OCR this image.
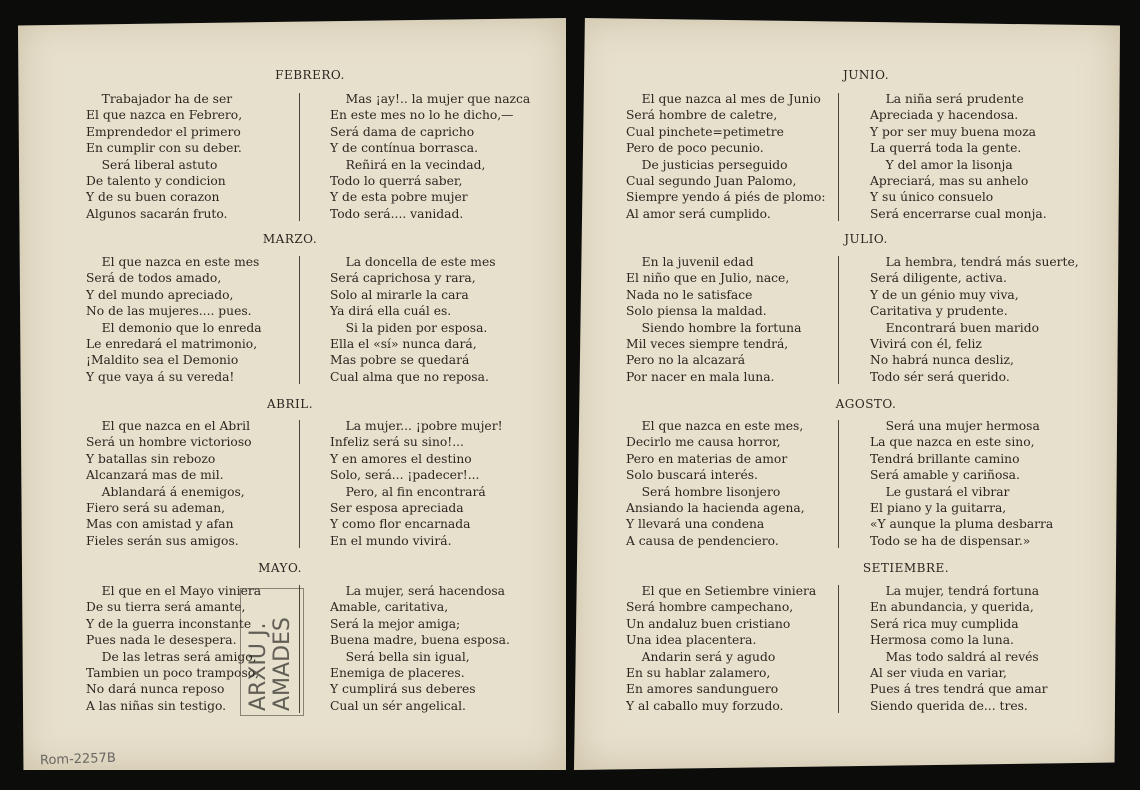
FEBRERO.
Trabajador ha de ser
El que nazca en Febrero,
Emprendedor el primero
En cumplir con su deber.
Será liberal astuto
De talento y condicion
Y de su buen corazon
Algunos sacarán fruto.
Mas ¡ay!.. la mujer que nazca
En este mes no lo he dicho,—
Será dama de capricho
Y de contínua borrasca.
Reñirá en la vecindad,
Todo lo querrá saber,
Y de esta pobre mujer
Todo será.... vanidad.
MARZO.
El que nazca en este mes
Será de todos amado,
Y del mundo apreciado,
No de las mujeres.... pues.
El demonio que lo enreda
Le enredará el matrimonio,
¡Maldito sea el Demonio
Y que vaya á su vereda!
La doncella de este mes
Será caprichosa y rara,
Solo al mirarle la cara
Ya dirá ella cuál es.
Si la piden por esposa.
Ella el «sí» nunca dará,
Mas pobre se quedará
Cual alma que no reposa.
ABRIL.
El que nazca en el Abril
Será un hombre victorioso
Y batallas sin rebozo
Alcanzará mas de mil.
Ablandará á enemigos,
Fiero será su ademan,
Mas con amistad y afan
Fieles serán sus amigos.
La mujer... ¡pobre mujer!
Infeliz será su sino!...
Y en amores el destino
Solo, será... ¡padecer!...
Pero, al fin encontrará
Ser esposa apreciada
Y como flor encarnada
En el mundo vivirá.
MAYO.
El que en el Mayo viniera
De su tierra será amante,
Y de la guerra inconstante
Pues nada le desespera.
De las letras será amigo,
Tambien un poco tramposo,
No dará nunca reposo
A las niñas sin testigo.
La mujer, será hacendosa
Amable, caritativa,
Será la mejor amiga;
Buena madre, buena esposa.
Será bella sin igual,
Enemiga de placeres.
Y cumplirá sus deberes
Cual un sér angelical.
JUNIO.
El que nazca al mes de Junio
Será hombre de caletre,
Cual pinchete=petimetre
Pero de poco pecunio.
De justicias perseguido
Cual segundo Juan Palomo,
Siempre yendo á piés de plomo:
Al amor será cumplido.
La niña será prudente
Apreciada y hacendosa.
Y por ser muy buena moza
La querrá toda la gente.
Y del amor la lisonja
Apreciará, mas su anhelo
Y su único consuelo
Será encerrarse cual monja.
JULIO.
En la juvenil edad
El niño que en Julio, nace,
Nada no le satisface
Solo piensa la maldad.
Siendo hombre la fortuna
Mil veces siempre tendrá,
Pero no la alcazará
Por nacer en mala luna.
La hembra, tendrá más suerte,
Será diligente, activa.
Y de un génio muy viva,
Caritativa y prudente.
Encontrará buen marido
Vivirá con él, feliz
No habrá nunca desliz,
Todo sér será querido.
AGOSTO.
El que nazca en este mes,
Decirlo me causa horror,
Pero en materias de amor
Solo buscará interés.
Será hombre lisonjero
Ansiando la hacienda agena,
Y llevará una condena
A causa de pendenciero.
Será una mujer hermosa
La que nazca en este sino,
Tendrá brillante camino
Será amable y cariñosa.
Le gustará el vibrar
El piano y la guitarra,
«Y aunque la pluma desbarra
Todo se ha de dispensar.»
SETIEMBRE.
El que en Setiembre viniera
Será hombre campechano,
Un andaluz buen cristiano
Una idea placentera.
Andarin será y agudo
En su hablar zalamero,
En amores sandunguero
Y al caballo muy forzudo.
La mujer, tendrá fortuna
En abundancia, y querida,
Será rica muy cumplida
Hermosa como la luna.
Mas todo saldrá al revés
Al ser viuda en variar,
Pues á tres tendrá que amar
Siendo querida de... tres.
ARXIU J.
AMADES
Rom-2257B
